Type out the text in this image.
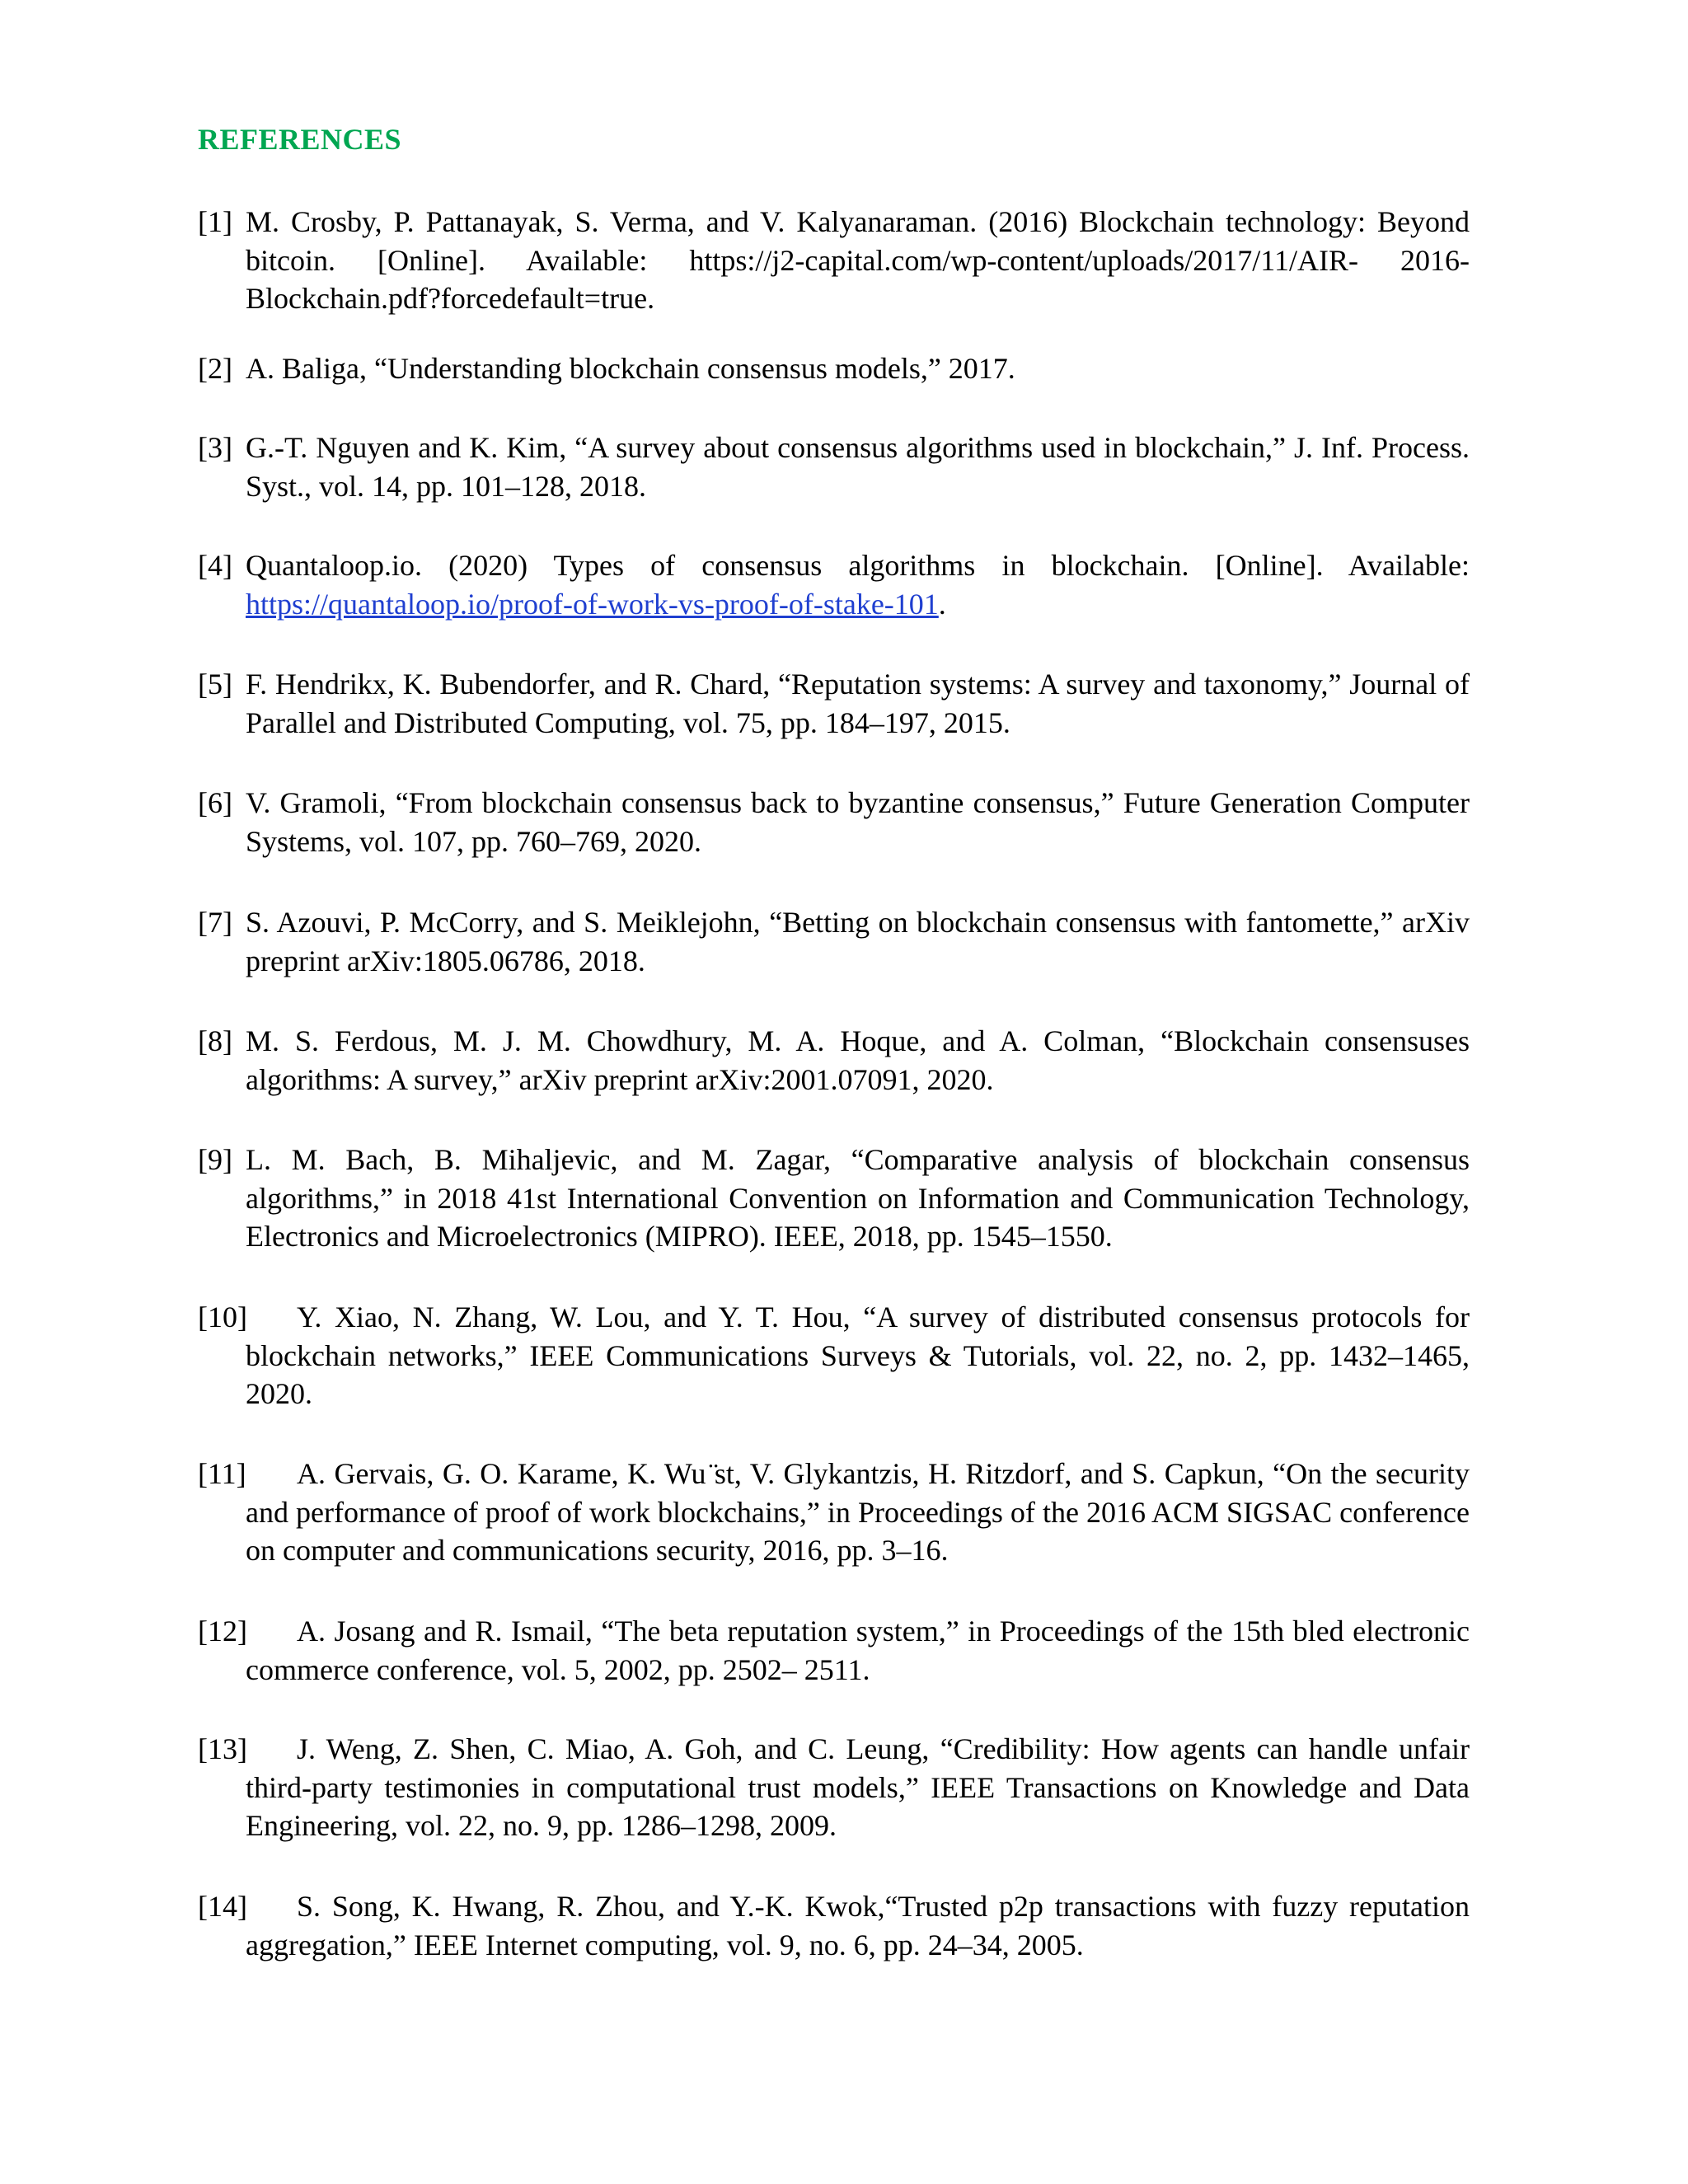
REFERENCES
[1] M. Crosby, P. Pattanayak, S. Verma, and V. Kalyanaraman. (2016) Blockchain technology: Beyond bitcoin. [Online]. Available: https://j2-capital.com/wp-content/uploads/2017/11/AIR- 2016-Blockchain.pdf?forcedefault=true.
[2] A. Baliga, “Understanding blockchain consensus models,” 2017.
[3] G.-T. Nguyen and K. Kim, “A survey about consensus algorithms used in blockchain,” J. Inf. Process. Syst., vol. 14, pp. 101–128, 2018.
[4] Quantaloop.io. (2020) Types of consensus algorithms in blockchain. [Online]. Available: https://quantaloop.io/proof-of-work-vs-proof-of-stake-101.
[5] F. Hendrikx, K. Bubendorfer, and R. Chard, “Reputation systems: A survey and taxonomy,” Journal of Parallel and Distributed Computing, vol. 75, pp. 184–197, 2015.
[6] V. Gramoli, “From blockchain consensus back to byzantine consensus,” Future Generation Computer Systems, vol. 107, pp. 760–769, 2020.
[7] S. Azouvi, P. McCorry, and S. Meiklejohn, “Betting on blockchain consensus with fantomette,” arXiv preprint arXiv:1805.06786, 2018.
[8] M. S. Ferdous, M. J. M. Chowdhury, M. A. Hoque, and A. Colman, “Blockchain consensuses algorithms: A survey,” arXiv preprint arXiv:2001.07091, 2020.
[9] L. M. Bach, B. Mihaljevic, and M. Zagar, “Comparative analysis of blockchain consensus algorithms,” in 2018 41st International Convention on Information and Communication Technology, Electronics and Microelectronics (MIPRO). IEEE, 2018, pp. 1545–1550.
[10]	Y. Xiao, N. Zhang, W. Lou, and Y. T. Hou, “A survey of distributed consensus protocols for blockchain networks,” IEEE Communications Surveys & Tutorials, vol. 22, no. 2, pp. 1432–1465, 2020.
[11]	A. Gervais, G. O. Karame, K. Wu ̈st, V. Glykantzis, H. Ritzdorf, and S. Capkun, “On the security and performance of proof of work blockchains,” in Proceedings of the 2016 ACM SIGSAC conference on computer and communications security, 2016, pp. 3–16.
[12]	A. Josang and R. Ismail, “The beta reputation system,” in Proceedings of the 15th bled electronic commerce conference, vol. 5, 2002, pp. 2502– 2511.
[13]	J. Weng, Z. Shen, C. Miao, A. Goh, and C. Leung, “Credibility: How agents can handle unfair third-party testimonies in computational trust models,” IEEE Transactions on Knowledge and Data Engineering, vol. 22, no. 9, pp. 1286–1298, 2009.
[14]	S. Song, K. Hwang, R. Zhou, and Y.-K. Kwok,“Trusted p2p transactions with fuzzy reputation aggregation,” IEEE Internet computing, vol. 9, no. 6, pp. 24–34, 2005.
